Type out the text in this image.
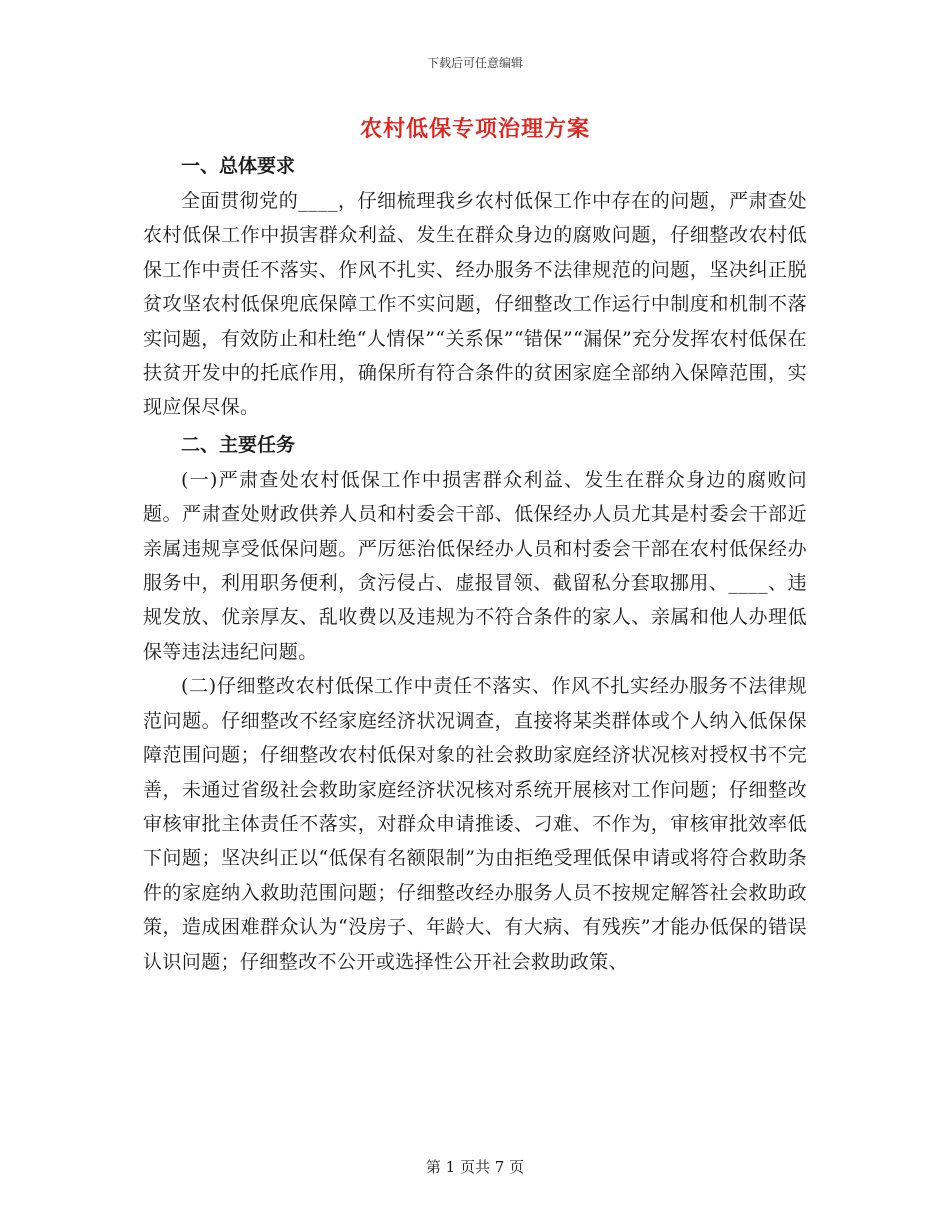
下载后可任意编辑
农村低保专项治理方案
一、总体要求

全面贯彻党的____，仔细梳理我乡农村低保工作中存在的问题，严肃查处农村低保工作中损害群众利益、发生在群众身边的腐败问题，仔细整改农村低保工作中责任不落实、作风不扎实、经办服务不法律规范的问题，坚决纠正脱贫攻坚农村低保兜底保障工作不实问题，仔细整改工作运行中制度和机制不落实问题，有效防止和杜绝“人情保”“关系保”“错保”“漏保”充分发挥农村低保在扶贫开发中的托底作用，确保所有符合条件的贫困家庭全部纳入保障范围，实现应保尽保。

二、主要任务

(一)严肃查处农村低保工作中损害群众利益、发生在群众身边的腐败问题。严肃查处财政供养人员和村委会干部、低保经办人员尤其是村委会干部近亲属违规享受低保问题。严厉惩治低保经办人员和村委会干部在农村低保经办服务中，利用职务便利，贪污侵占、虚报冒领、截留私分套取挪用、____、违规发放、优亲厚友、乱收费以及违规为不符合条件的家人、亲属和他人办理低保等违法违纪问题。

(二)仔细整改农村低保工作中责任不落实、作风不扎实经办服务不法律规范问题。仔细整改不经家庭经济状况调查，直接将某类群体或个人纳入低保保障范围问题；仔细整改农村低保对象的社会救助家庭经济状况核对授权书不完善，未通过省级社会救助家庭经济状况核对系统开展核对工作问题；仔细整改审核审批主体责任不落实，对群众申请推诿、刁难、不作为，审核审批效率低下问题；坚决纠正以“低保有名额限制”为由拒绝受理低保申请或将符合救助条件的家庭纳入救助范围问题；仔细整改经办服务人员不按规定解答社会救助政策，造成困难群众认为“没房子、年龄大、有大病、有残疾”才能办低保的错误认识问题；仔细整改不公开或选择性公开社会救助政策、

第 1 页共 7 页
